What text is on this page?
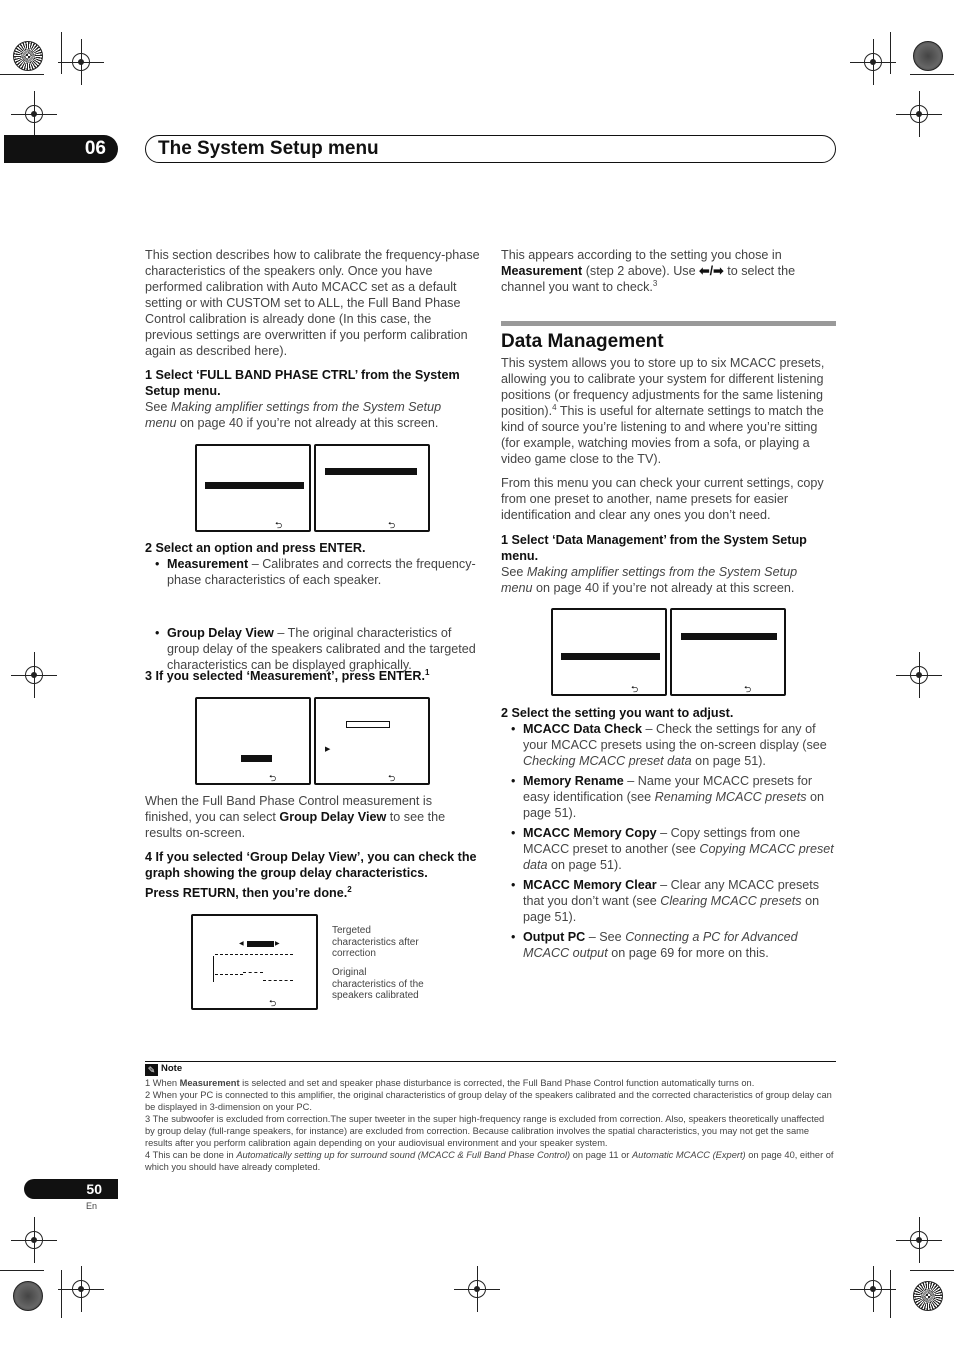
06	The System Setup menu
This section describes how to calibrate the frequency-phase characteristics of the speakers only. Once you have performed calibration with Auto MCACC set as a default setting or with CUSTOM set to ALL, the Full Band Phase Control calibration is already done (In this case, the previous settings are overwritten if you perform calibration again as described here).
1 Select ‘FULL BAND PHASE CTRL’ from the System Setup menu.
See Making amplifier settings from the System Setup menu on page 40 if you’re not already at this screen.
⮌	⮌
2 Select an option and press ENTER.
• Measurement – Calibrates and corrects the frequency-phase characteristics of each speaker.
• Group Delay View – The original characteristics of group delay of the speakers calibrated and the targeted characteristics can be displayed graphically.
3 If you selected ‘Measurement’, press ENTER.$^1$
⮌
▶
⮌
When the Full Band Phase Control measurement is finished, you can select Group Delay View to see the results on-screen.
4 If you selected ‘Group Delay View’, you can check the graph showing the group delay characteristics.
Press RETURN, then you’re done.$^2$
◀	▶
⮌
Tergeted characteristics after correction
Original characteristics of the speakers calibrated
This appears according to the setting you chose in Measurement (step 2 above). Use ⬅/➡ to select the channel you want to check.$^3$
Data Management
This system allows you to store up to six MCACC presets, allowing you to calibrate your system for different listening positions (or frequency adjustments for the same listening position).$^4$ This is useful for alternate settings to match the kind of source you’re listening to and where you’re sitting (for example, watching movies from a sofa, or playing a video game close to the TV).
From this menu you can check your current settings, copy from one preset to another, name presets for easier identification and clear any ones you don’t need.
1 Select ‘Data Management’ from the System Setup menu.
See Making amplifier settings from the System Setup menu on page 40 if you’re not already at this screen.
⮌	⮌
2 Select the setting you want to adjust.
• MCACC Data Check – Check the settings for any of your MCACC presets using the on-screen display (see Checking MCACC preset data on page 51).
• Memory Rename – Name your MCACC presets for easy identification (see Renaming MCACC presets on page 51).
• MCACC Memory Copy – Copy settings from one MCACC preset to another (see Copying MCACC preset data on page 51).
• MCACC Memory Clear – Clear any MCACC presets that you don’t want (see Clearing MCACC presets on page 51).
• Output PC – See Connecting a PC for Advanced MCACC output on page 69 for more on this.
✎ Note
1 When Measurement is selected and set and speaker phase disturbance is corrected, the Full Band Phase Control function automatically turns on.
2 When your PC is connected to this amplifier, the original characteristics of group delay of the speakers calibrated and the corrected characteristics of group delay can be displayed in 3-dimension on your PC.
3 The subwoofer is excluded from correction.The super tweeter in the super high-frequency range is excluded from correction. Also, speakers theoretically unaffected by group delay (full-range speakers, for instance) are excluded from correction. Because calibration involves the spatial characteristics, you may not get the same results after you perform calibration again depending on your audiovisual environment and your speaker system.
4 This can be done in Automatically setting up for surround sound (MCACC & Full Band Phase Control) on page 11 or Automatic MCACC (Expert) on page 40, either of which you should have already completed.
50
En
